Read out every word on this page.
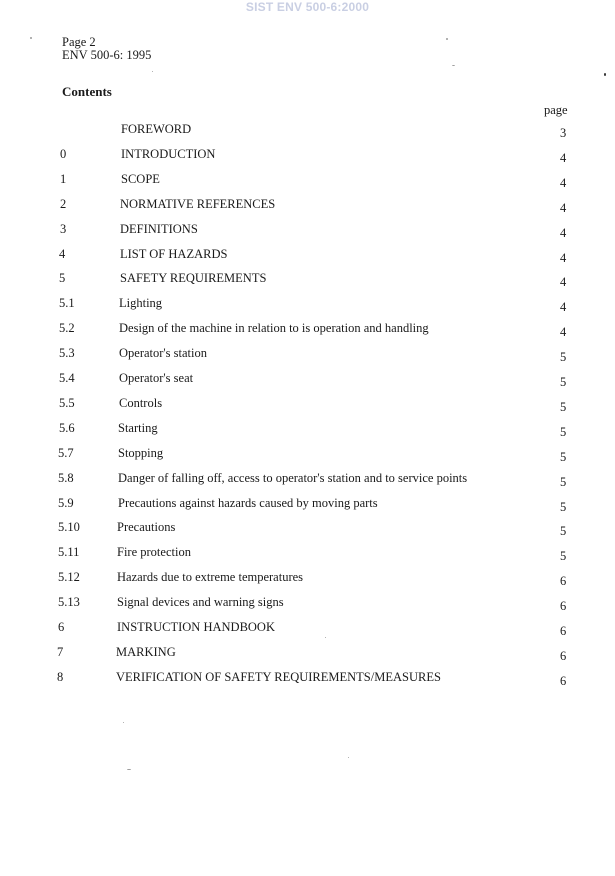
SIST ENV 500-6:2000
Page 2
ENV 500-6: 1995
Contents
page
FOREWORD	3
0	INTRODUCTION	4
1	SCOPE	4
2	NORMATIVE REFERENCES	4
3	DEFINITIONS	4
4	LIST OF HAZARDS	4
5	SAFETY REQUIREMENTS	4
5.1	Lighting	4
5.2	Design of the machine in relation to is operation and handling	4
5.3	Operator's station	5
5.4	Operator's seat	5
5.5	Controls	5
5.6	Starting	5
5.7	Stopping	5
5.8	Danger of falling off, access to operator's station and to service points	5
5.9	Precautions against hazards caused by moving parts	5
5.10	Precautions	5
5.11	Fire protection	5
5.12	Hazards due to extreme temperatures	6
5.13	Signal devices and warning signs	6
6	INSTRUCTION HANDBOOK	6
7	MARKING	6
8	VERIFICATION OF SAFETY REQUIREMENTS/MEASURES	6
